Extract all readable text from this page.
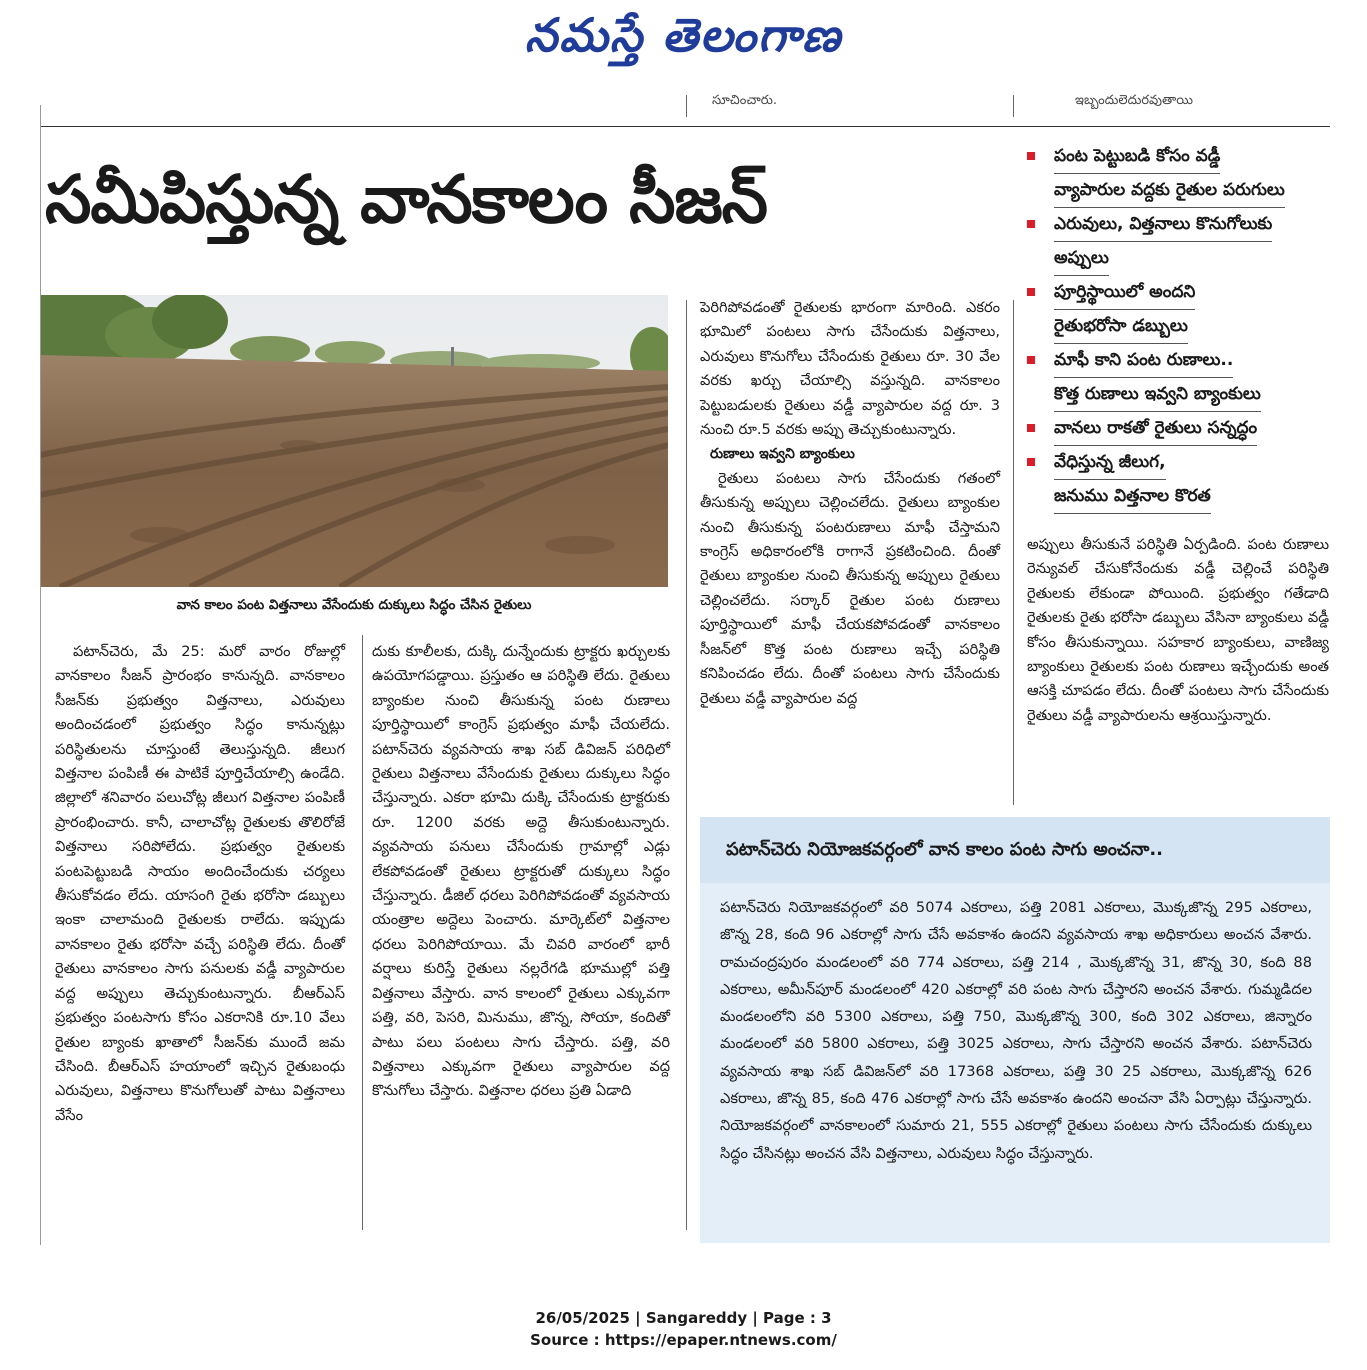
నమస్తే తెలంగాణ
సూచించారు.	ఇబ్బందులెదురవుతాయి
సమీపిస్తున్న వానకాలం సీజన్
పంట పెట్టుబడి కోసం వడ్డీ
వ్యాపారుల వద్దకు రైతుల పరుగులు
ఎరువులు, విత్తనాలు కొనుగోలుకు
అప్పులు
పూర్తిస్థాయిలో అందని
రైతుభరోసా డబ్బులు
మాఫీ కాని పంట రుణాలు..
కొత్త రుణాలు ఇవ్వని బ్యాంకులు
వానలు రాకతో రైతులు సన్నద్ధం
వేధిస్తున్న జీలుగ,
జనుము విత్తనాల కొరత
వాన కాలం పంట విత్తనాలు వేసేందుకు దుక్కులు సిద్ధం చేసిన రైతులు

పటాన్‌చెరు, మే 25: మరో వారం రోజుల్లో వానకాలం సీజన్ ప్రారంభం కానున్నది. వానకాలం సీజన్‌కు ప్రభుత్వం విత్తనాలు, ఎరువులు అందించడంలో ప్రభుత్వం సిద్ధం కానున్నట్లు పరిస్థితులను చూస్తుంటే తెలుస్తున్నది. జీలుగ విత్తనాల పంపిణీ ఈ పాటికే పూర్తిచేయాల్సి ఉండేది. జిల్లాలో శనివారం పలుచోట్ల జీలుగ విత్తనాల పంపిణీ ప్రారంభించారు. కానీ, చాలాచోట్ల రైతులకు తొలిరోజే విత్తనాలు సరిపోలేదు. ప్రభుత్వం రైతులకు పంటపెట్టుబడి సాయం అందించేందుకు చర్యలు తీసుకోవడం లేదు. యాసంగి రైతు భరోసా డబ్బులు ఇంకా చాలామంది రైతులకు రాలేదు. ఇప్పుడు వానకాలం రైతు భరోసా వచ్చే పరిస్థితి లేదు. దీంతో రైతులు వానకాలం సాగు పనులకు వడ్డీ వ్యాపారుల వద్ద అప్పులు తెచ్చుకుంటున్నారు. బీఆర్ఎస్ ప్రభుత్వం పంటసాగు కోసం ఎకరానికి రూ.10 వేలు రైతుల బ్యాంకు ఖాతాలో సీజన్‌కు ముందే జమ చేసింది. బీఆర్ఎస్ హయాంలో ఇచ్చిన రైతుబంధు ఎరువులు, విత్తనాలు కొనుగోలుతో పాటు విత్తనాలు వేసేం

దుకు కూలీలకు, దుక్కి దున్నేందుకు ట్రాక్టరు ఖర్చులకు ఉపయోగపడ్డాయి. ప్రస్తుతం ఆ పరిస్థితి లేదు. రైతులు బ్యాంకుల నుంచి తీసుకున్న పంట రుణాలు పూర్తిస్థాయిలో కాంగ్రెస్ ప్రభుత్వం మాఫీ చేయలేదు. పటాన్‌చెరు వ్యవసాయ శాఖ సబ్ డివిజన్ పరిధిలో రైతులు విత్తనాలు వేసేందుకు రైతులు దుక్కులు సిద్ధం చేస్తున్నారు. ఎకరా భూమి దుక్కి చేసేందుకు ట్రాక్టరుకు రూ. 1200 వరకు అద్దె తీసుకుంటున్నారు. వ్యవసాయ పనులు చేసేందుకు గ్రామాల్లో ఎడ్లు లేకపోవడంతో రైతులు ట్రాక్టరుతో దుక్కులు సిద్ధం చేస్తున్నారు. డీజిల్ ధరలు పెరిగిపోవడంతో వ్యవసాయ యంత్రాల అద్దెలు పెంచారు. మార్కెట్‌లో విత్తనాల ధరలు పెరిగిపోయాయి. మే చివరి వారంలో భారీ వర్షాలు కురిస్తే రైతులు నల్లరేగడి భూముల్లో పత్తి విత్తనాలు వేస్తారు. వాన కాలంలో రైతులు ఎక్కువగా పత్తి, వరి, పెసరి, మినుము, జొన్న, సోయా, కందితో పాటు పలు పంటలు సాగు చేస్తారు. పత్తి, వరి విత్తనాలు ఎక్కువగా రైతులు వ్యాపారుల వద్ద కొనుగోలు చేస్తారు. విత్తనాల ధరలు ప్రతి ఏడాది

పెరిగిపోవడంతో రైతులకు భారంగా మారింది. ఎకరం భూమిలో పంటలు సాగు చేసేందుకు విత్తనాలు, ఎరువులు కొనుగోలు చేసేందుకు రైతులు రూ. 30 వేల వరకు ఖర్చు చేయాల్సి వస్తున్నది. వానకాలం పెట్టుబడులకు రైతులు వడ్డీ వ్యాపారుల వద్ద రూ. 3 నుంచి రూ.5 వరకు అప్పు తెచ్చుకుంటున్నారు.

రుణాలు ఇవ్వని బ్యాంకులు

రైతులు పంటలు సాగు చేసేందుకు గతంలో తీసుకున్న అప్పులు చెల్లించలేదు. రైతులు బ్యాంకుల నుంచి తీసుకున్న పంటరుణాలు మాఫీ చేస్తామని కాంగ్రెస్ అధికారంలోకి రాగానే ప్రకటించింది. దీంతో రైతులు బ్యాంకుల నుంచి తీసుకున్న అప్పులు రైతులు చెల్లించలేదు. సర్కార్ రైతుల పంట రుణాలు పూర్తిస్థాయిలో మాఫీ చేయకపోవడంతో వానకాలం సీజన్‌లో కొత్త పంట రుణాలు ఇచ్చే పరిస్థితి కనిపించడం లేదు. దీంతో పంటలు సాగు చేసేందుకు రైతులు వడ్డీ వ్యాపారుల వద్ద

అప్పులు తీసుకునే పరిస్థితి ఏర్పడింది. పంట రుణాలు రెన్యువల్ చేసుకోనేందుకు వడ్డీ చెల్లించే పరిస్థితి రైతులకు లేకుండా పోయింది. ప్రభుత్వం గతేడాది రైతులకు రైతు భరోసా డబ్బులు వేసినా బ్యాంకులు వడ్డీ కోసం తీసుకున్నాయి. సహకార బ్యాంకులు, వాణిజ్య బ్యాంకులు రైతులకు పంట రుణాలు ఇచ్చేందుకు అంత ఆసక్తి చూపడం లేదు. దీంతో పంటలు సాగు చేసేందుకు రైతులు వడ్డీ వ్యాపారులను ఆశ్రయిస్తున్నారు.

పటాన్‌చెరు నియోజకవర్గంలో వాన కాలం పంట సాగు అంచనా..
పటాన్‌చెరు నియోజకవర్గంలో వరి 5074 ఎకరాలు, పత్తి 2081 ఎకరాలు, మొక్కజొన్న 295 ఎకరాలు, జొన్న 28, కంది 96 ఎకరాల్లో సాగు చేసే అవకాశం ఉందని వ్యవసాయ శాఖ అధికారులు అంచన వేశారు. రామచంద్రపురం మండలంలో వరి 774 ఎకరాలు, పత్తి 214 , మొక్కజొన్న 31, జొన్న 30, కంది 88 ఎకరాలు, అమీన్‌పూర్ మండలంలో 420 ఎకరాల్లో వరి పంట సాగు చేస్తారని అంచన వేశారు. గుమ్మడిదల మండలంలోని వరి 5300 ఎకరాలు, పత్తి 750, మొక్కజొన్న 300, కంది 302 ఎకరాలు, జిన్నారం మండలంలో వరి 5800 ఎకరాలు, పత్తి 3025 ఎకరాలు, సాగు చేస్తారని అంచన వేశారు. పటాన్‌చెరు వ్యవసాయ శాఖ సబ్ డివిజన్‌లో వరి 17368 ఎకరాలు, పత్తి 30 25 ఎకరాలు, మొక్కజొన్న 626 ఎకరాలు, జొన్న 85, కంది 476 ఎకరాల్లో సాగు చేసే అవకాశం ఉందని అంచనా వేసి ఏర్పాట్లు చేస్తున్నారు. నియోజకవర్గంలో వానకాలంలో సుమారు 21, 555 ఎకరాల్లో రైతులు పంటలు సాగు చేసేందుకు దుక్కులు సిద్ధం చేసినట్లు అంచన వేసి విత్తనాలు, ఎరువులు సిద్ధం చేస్తున్నారు.
26/05/2025 | Sangareddy | Page : 3
Source : https://epaper.ntnews.com/
